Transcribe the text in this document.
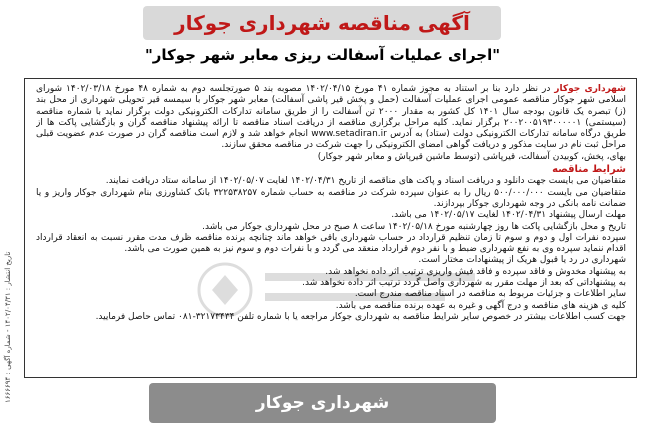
آگهی مناقصه شهرداری جوکار
"اجرای عملیات آسفالت ریزی معابر شهر جوکار"

شهرداری جوکار در نظر دارد بنا بر استناد به مجوز شماره ۴۱ مورخ ۱۴۰۲/۰۴/۱۵ مصوبه بند ۵ صورتجلسه دوم به شماره ۴۸ مورخ ۱۴۰۲/۰۳/۱۸ شورای اسلامی شهر جوکار مناقصه عمومی اجرای عملیات آسفالت (حمل و پخش قیر پاشی آسفالت) معابر شهر جوکار با سیمسه قیر تحویلی شهرداری از محل بند (ز) تبصره یک قانون بودجه سال ۱۴۰۱ کل کشور به مقدار ۲۰۰۰ تن آسفالت را از طریق سامانه تدارکات الکترونیکی دولت برگزار نماید با شماره مناقصه (سیستمی) ۲۰۰۲۰۰۵۱۹۳۰۰۰۰۰۱ برگزار نماید. کلیه مراحل برگزاری مناقصه از دریافت اسناد مناقصه تا ارائه پیشنهاد مناقصه گران و بازگشایی پاکت ها از طریق درگاه سامانه تدارکات الکترونیکی دولت (ستاد) به آدرس www.setadiran.ir انجام خواهد شد و لازم است مناقصه گران در صورت عدم عضویت قبلی مراحل ثبت نام در سایت مذکور و دریافت گواهی امضای الکترونیکی را جهت شرکت در مناقصه محقق سازند.

بهای، پخش، کوبیدن آسفالت، قیرپاشی (توسط ماشین قیرپاش و معابر شهر جوکار)

شرایط مناقصه

متقاضیان می بایست جهت دانلود و دریافت اسناد و پاکت های مناقصه از تاریخ ۱۴۰۲/۰۴/۳۱ لغایت ۱۴۰۲/۰۵/۰۷ از سامانه ستاد دریافت نمایند.

متقاضیان می بایست ۵۰۰/۰۰۰/۰۰۰ ریال را به عنوان سپرده شرکت در مناقصه به حساب شماره ۳۲۲۵۳۸۲۵۷ بانک کشاورزی بنام شهرداری جوکار واریز و یا ضمانت نامه بانکی در وجه شهرداری جوکار بپردازند.

مهلت ارسال پیشنهاد ۱۴۰۲/۰۴/۳۱ لغایت ۱۴۰۲/۰۵/۱۷ می باشد.

تاریخ و محل بازگشایی پاکت ها روز چهارشنبه مورخ ۱۴۰۲/۰۵/۱۸ ساعت ۸ صبح در محل شهرداری جوکار می باشد.

سپرده نفرات اول و دوم و سوم تا زمان تنظیم قرارداد در حساب شهرداری باقی خواهد ماند چنانچه برنده مناقصه ظرف مدت مقرر نسبت به انعقاد قرارداد اقدام ننماید سپرده وی به نفع شهرداری ضبط و با نفر دوم قرارداد منعقد می گردد و با نفرات دوم و سوم نیز به همین صورت می باشد.

شهرداری در رد یا قبول هریک از پیشنهادات مختار است.

به پیشنهاد مخدوش و فاقد سپرده و فاقد فیش واریزی ترتیب اثر داده نخواهد شد.

به پیشنهاداتی که بعد از مهلت مقرر به شهرداری واصل گردد ترتیب اثر داده نخواهد شد.

سایر اطلاعات و جزئیات مربوط به مناقصه در اسناد مناقصه مندرج است.

کلیه ی هزینه های مناقصه و درج آگهی و غیره به عهده برنده مناقصه می باشد.

جهت کسب اطلاعات بیشتر در خصوص سایر شرایط مناقصه به شهرداری جوکار مراجعه یا با شماره تلفن ۳۲۱۷۳۴۳۴-۰۸۱ تماس حاصل فرمایید.

تاریخ انتشار : ۱۴۰۲/۰۴/۳۱ - شماره آگهی : ۱۶۶۶۶۹۴
شهرداری جوکار
